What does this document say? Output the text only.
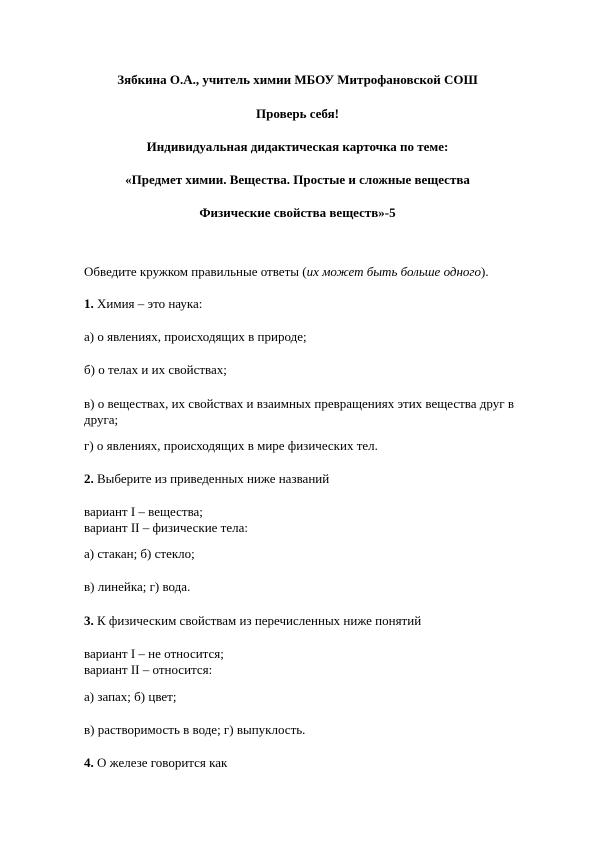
Зябкина О.А., учитель химии МБОУ Митрофановской СОШ
Проверь себя!
Индивидуальная дидактическая карточка по теме:
«Предмет химии. Вещества. Простые и сложные вещества
Физические свойства веществ»-5
Обведите кружком правильные ответы (их может быть больше одного).
1. Химия – это наука:
а) о явлениях, происходящих в природе;
б) о телах и их свойствах;
в) о веществах, их свойствах и взаимных превращениях этих вещества друг в
друга;
г) о явлениях, происходящих в мире физических тел.
2. Выберите из приведенных ниже названий
вариант I – вещества;
вариант II – физические тела:
а) стакан; б) стекло;
в) линейка; г) вода.
3. К физическим свойствам из перечисленных ниже понятий
вариант I – не относится;
вариант II – относится:
а) запах; б) цвет;
в) растворимость в воде; г) выпуклость.
4. О железе говорится как
